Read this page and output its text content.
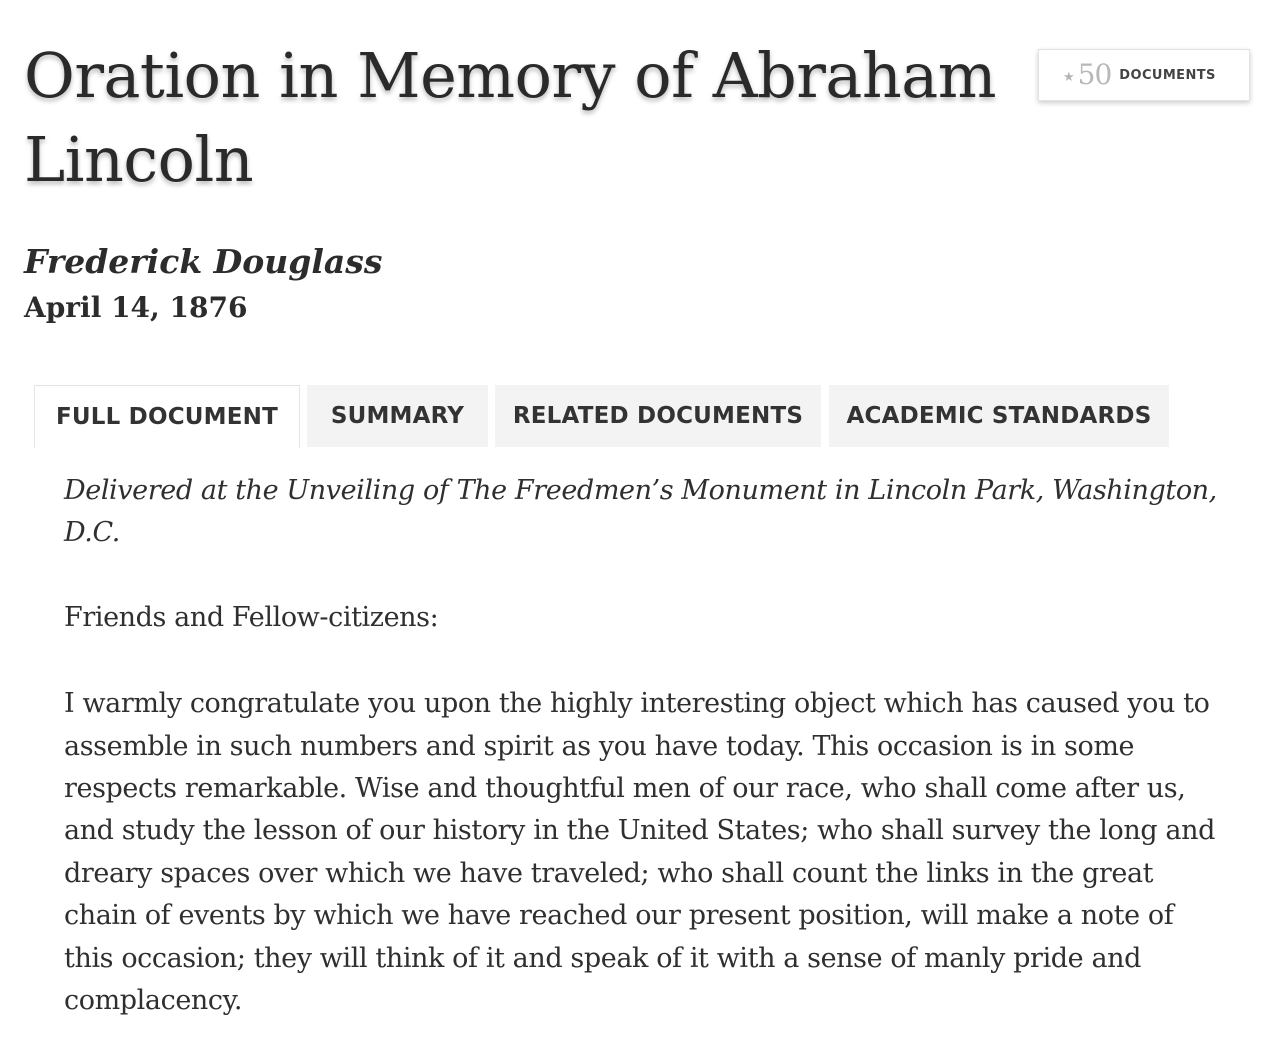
Oration in Memory of Abraham Lincoln
★ 50 DOCUMENTS
Frederick Douglass
April 14, 1876
FULL DOCUMENT	SUMMARY	RELATED DOCUMENTS	ACADEMIC STANDARDS

Delivered at the Unveiling of The Freedmen’s Monument in Lincoln Park, Washington, D.C.

Friends and Fellow-citizens:

I warmly congratulate you upon the highly interesting object which has caused you to assemble in such numbers and spirit as you have today. This occasion is in some respects remarkable. Wise and thoughtful men of our race, who shall come after us, and study the lesson of our history in the United States; who shall survey the long and dreary spaces over which we have traveled; who shall count the links in the great chain of events by which we have reached our present position, will make a note of this occasion; they will think of it and speak of it with a sense of manly pride and complacency.
